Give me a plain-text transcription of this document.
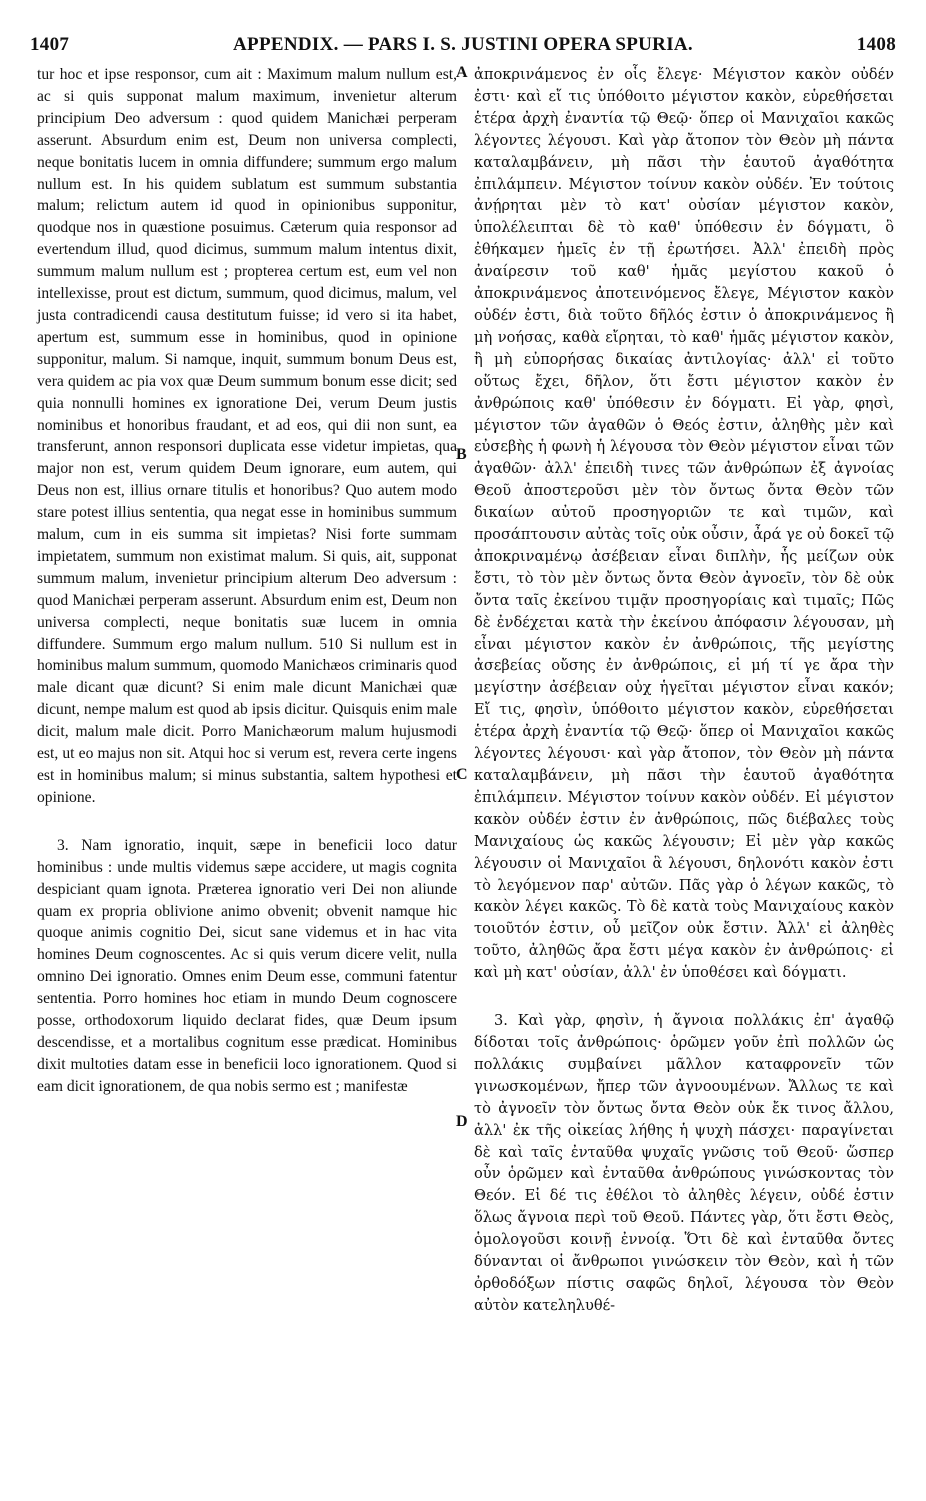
1407	APPENDIX. — PARS I. S. JUSTINI OPERA SPURIA.	1408

tur hoc et ipse responsor, cum ait : Maximum malum nullum est, ac si quis supponat malum maximum, invenietur alterum principium Deo adversum : quod quidem Manichæi perperam asserunt. Absurdum enim est, Deum non universa complecti, neque bonitatis lucem in omnia diffundere; summum ergo malum nullum est. In his quidem sublatum est summum substantia malum; relictum autem id quod in opinionibus supponitur, quodque nos in quæstione posuimus. Cæterum quia responsor ad evertendum illud, quod dicimus, summum malum intentus dixit, summum malum nullum est ; propterea certum est, eum vel non intellexisse, prout est dictum, summum, quod dicimus, malum, vel justa contradicendi causa destitutum fuisse; id vero si ita habet, apertum est, summum esse in hominibus, quod in opinione supponitur, malum. Si namque, inquit, summum bonum Deus est, vera quidem ac pia vox quæ Deum summum bonum esse dicit; sed quia nonnulli homines ex ignoratione Dei, verum Deum justis nominibus et honoribus fraudant, et ad eos, qui dii non sunt, ea transferunt, annon responsori duplicata esse videtur impietas, qua major non est, verum quidem Deum ignorare, eum autem, qui Deus non est, illius ornare titulis et honoribus? Quo autem modo stare potest illius sententia, qua negat esse in hominibus summum malum, cum in eis summa sit impietas? Nisi forte summam impietatem, summum non existimat malum. Si quis, ait, supponat summum malum, invenietur principium alterum Deo adversum : quod Manichæi perperam asserunt. Absurdum enim est, Deum non universa complecti, neque bonitatis suæ lucem in omnia diffundere. Summum ergo malum nullum. 510 Si nullum est in hominibus malum summum, quomodo Manichæos criminaris quod male dicant quæ dicunt? Si enim male dicunt Manichæi quæ dicunt, nempe malum est quod ab ipsis dicitur. Quisquis enim male dicit, malum male dicit. Porro Manichæorum malum hujusmodi est, ut eo majus non sit. Atqui hoc si verum est, revera certe ingens est in hominibus malum; si minus substantia, saltem hypothesi et opinione.

3. Nam ignoratio, inquit, sæpe in beneficii loco datur hominibus : unde multis videmus sæpe accidere, ut magis cognita despiciant quam ignota. Præterea ignoratio veri Dei non aliunde quam ex propria oblivione animo obvenit; obvenit namque hic quoque animis cognitio Dei, sicut sane videmus et in hac vita homines Deum cognoscentes. Ac si quis verum dicere velit, nulla omnino Dei ignoratio. Omnes enim Deum esse, communi fatentur sententia. Porro homines hoc etiam in mundo Deum cognoscere posse, orthodoxorum liquido declarat fides, quæ Deum ipsum descendisse, et a mortalibus cognitum esse prædicat. Hominibus dixit multoties datam esse in beneficii loco ignorationem. Quod si eam dicit ignorationem, de qua nobis sermo est ; manifestæ

A
B
C
D

ἀποκρινάμενος ἐν οἷς ἔλεγε· Μέγιστον κακὸν οὐδέν ἐστι· καὶ εἴ τις ὑπόθοιτο μέγιστον κακὸν, εὑρεθήσεται ἑτέρα ἀρχὴ ἐναντία τῷ Θεῷ· ὅπερ οἱ Μανιχαῖοι κακῶς λέγοντες λέγουσι. Καὶ γὰρ ἄτοπον τὸν Θεὸν μὴ πάντα καταλαμβάνειν, μὴ πᾶσι τὴν ἑαυτοῦ ἀγαθότητα ἐπιλάμπειν. Μέγιστον τοίνυν κακὸν οὐδέν. Ἐν τούτοις ἀνῄρηται μὲν τὸ κατ' οὐσίαν μέγιστον κακὸν, ὑπολέλειπται δὲ τὸ καθ' ὑπόθεσιν ἐν δόγματι, ὃ ἐθήκαμεν ἡμεῖς ἐν τῇ ἐρωτήσει. Ἀλλ' ἐπειδὴ πρὸς ἀναίρεσιν τοῦ καθ' ἡμᾶς μεγίστου κακοῦ ὁ ἀποκρινάμενος ἀποτεινόμενος ἔλεγε, Μέγιστον κακὸν οὐδέν ἐστι, διὰ τοῦτο δῆλός ἐστιν ὁ ἀποκρινάμενος ἢ μὴ νοήσας, καθὰ εἴρηται, τὸ καθ' ἡμᾶς μέγιστον κακὸν, ἢ μὴ εὐπορήσας δικαίας ἀντιλογίας· ἀλλ' εἰ τοῦτο οὕτως ἔχει, δῆλον, ὅτι ἔστι μέγιστον κακὸν ἐν ἀνθρώποις καθ' ὑπόθεσιν ἐν δόγματι. Εἰ γὰρ, φησὶ, μέγιστον τῶν ἀγαθῶν ὁ Θεός ἐστιν, ἀληθὴς μὲν καὶ εὐσεβὴς ἡ φωνὴ ἡ λέγουσα τὸν Θεὸν μέγιστον εἶναι τῶν ἀγαθῶν· ἀλλ' ἐπειδὴ τινες τῶν ἀνθρώπων ἐξ ἀγνοίας Θεοῦ ἀποστεροῦσι μὲν τὸν ὄντως ὄντα Θεὸν τῶν δικαίων αὐτοῦ προσηγοριῶν τε καὶ τιμῶν, καὶ προσάπτουσιν αὐτὰς τοῖς οὐκ οὖσιν, ἆρά γε οὐ δοκεῖ τῷ ἀποκριναμένῳ ἀσέβειαν εἶναι διπλὴν, ἧς μείζων οὐκ ἔστι, τὸ τὸν μὲν ὄντως ὄντα Θεὸν ἀγνοεῖν, τὸν δὲ οὐκ ὄντα ταῖς ἐκείνου τιμᾷν προσηγορίαις καὶ τιμαῖς; Πῶς δὲ ἐνδέχεται κατὰ τὴν ἐκείνου ἀπόφασιν λέγουσαν, μὴ εἶναι μέγιστον κακὸν ἐν ἀνθρώποις, τῆς μεγίστης ἀσεβείας οὔσης ἐν ἀνθρώποις, εἰ μή τί γε ἄρα τὴν μεγίστην ἀσέβειαν οὐχ ἡγεῖται μέγιστον εἶναι κακόν; Εἴ τις, φησὶν, ὑπόθοιτο μέγιστον κακὸν, εὑρεθήσεται ἑτέρα ἀρχὴ ἐναντία τῷ Θεῷ· ὅπερ οἱ Μανιχαῖοι κακῶς λέγοντες λέγουσι· καὶ γὰρ ἄτοπον, τὸν Θεὸν μὴ πάντα καταλαμβάνειν, μὴ πᾶσι τὴν ἑαυτοῦ ἀγαθότητα ἐπιλάμπειν. Μέγιστον τοίνυν κακὸν οὐδέν. Εἰ μέγιστον κακὸν οὐδέν ἐστιν ἐν ἀνθρώποις, πῶς διέβαλες τοὺς Μανιχαίους ὡς κακῶς λέγουσιν; Εἰ μὲν γὰρ κακῶς λέγουσιν οἱ Μανιχαῖοι ἃ λέγουσι, δηλονότι κακὸν ἐστι τὸ λεγόμενον παρ' αὐτῶν. Πᾶς γὰρ ὁ λέγων κακῶς, τὸ κακὸν λέγει κακῶς. Τὸ δὲ κατὰ τοὺς Μανιχαίους κακὸν τοιοῦτόν ἐστιν, οὗ μεῖζον οὐκ ἔστιν. Ἀλλ' εἰ ἀληθὲς τοῦτο, ἀληθῶς ἄρα ἔστι μέγα κακὸν ἐν ἀνθρώποις· εἰ καὶ μὴ κατ' οὐσίαν, ἀλλ' ἐν ὑποθέσει καὶ δόγματι.

3. Καὶ γὰρ, φησὶν, ἡ ἄγνοια πολλάκις ἐπ' ἀγαθῷ δίδοται τοῖς ἀνθρώποις· ὁρῶμεν γοῦν ἐπὶ πολλῶν ὡς πολλάκις συμβαίνει μᾶλλον καταφρονεῖν τῶν γινωσκομένων, ἤπερ τῶν ἀγνοουμένων. Ἄλλως τε καὶ τὸ ἀγνοεῖν τὸν ὄντως ὄντα Θεὸν οὐκ ἔκ τινος ἄλλου, ἀλλ' ἐκ τῆς οἰκείας λήθης ἡ ψυχὴ πάσχει· παραγίνεται δὲ καὶ ταῖς ἐνταῦθα ψυχαῖς γνῶσις τοῦ Θεοῦ· ὥσπερ οὖν ὁρῶμεν καὶ ἐνταῦθα ἀνθρώπους γινώσκοντας τὸν Θεόν. Εἰ δέ τις ἐθέλοι τὸ ἀληθὲς λέγειν, οὐδέ ἐστιν ὅλως ἄγνοια περὶ τοῦ Θεοῦ. Πάντες γὰρ, ὅτι ἔστι Θεὸς, ὁμολογοῦσι κοινῇ ἐννοίᾳ. Ὅτι δὲ καὶ ἐνταῦθα ὄντες δύνανται οἱ ἄνθρωποι γινώσκειν τὸν Θεὸν, καὶ ἡ τῶν ὀρθοδόξων πίστις σαφῶς δηλοῖ, λέγουσα τὸν Θεὸν αὐτὸν κατεληλυθέ-
